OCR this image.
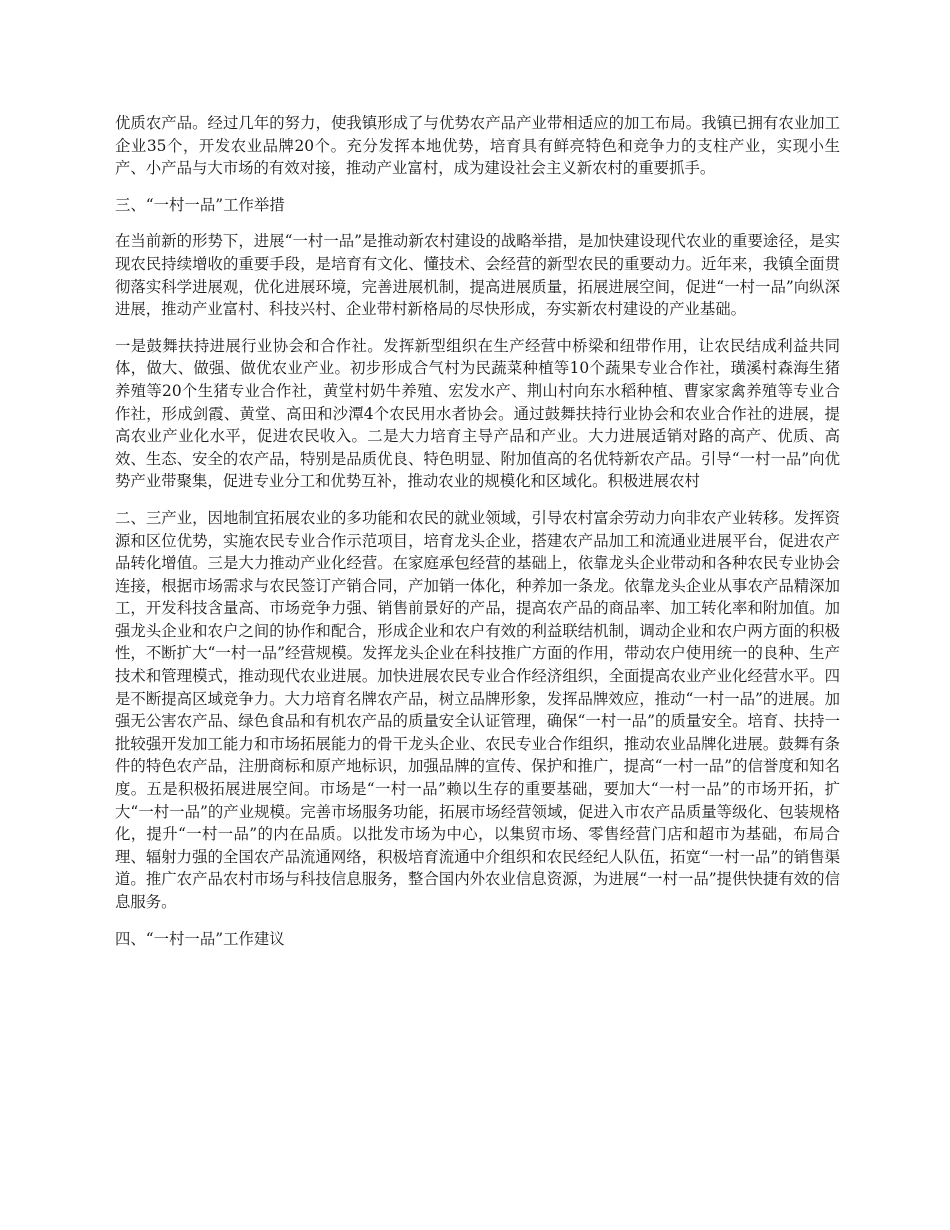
优质农产品。经过几年的努力，使我镇形成了与优势农产品产业带相适应的加工布局。我镇已拥有农业加工企业35个，开发农业品牌20个。充分发挥本地优势，培育具有鲜亮特色和竞争力的支柱产业，实现小生产、小产品与大市场的有效对接，推动产业富村，成为建设社会主义新农村的重要抓手。

三、“一村一品”工作举措

在当前新的形势下，进展“一村一品”是推动新农村建设的战略举措，是加快建设现代农业的重要途径，是实现农民持续增收的重要手段，是培育有文化、懂技术、会经营的新型农民的重要动力。近年来，我镇全面贯彻落实科学进展观，优化进展环境，完善进展机制，提高进展质量，拓展进展空间，促进“一村一品”向纵深进展，推动产业富村、科技兴村、企业带村新格局的尽快形成，夯实新农村建设的产业基础。

一是鼓舞扶持进展行业协会和合作社。发挥新型组织在生产经营中桥梁和纽带作用，让农民结成利益共同体，做大、做强、做优农业产业。初步形成合气村为民蔬菜种植等10个蔬果专业合作社，璜溪村森海生猪养殖等20个生猪专业合作社，黄堂村奶牛养殖、宏发水产、荆山村向东水稻种植、曹家家禽养殖等专业合作社，形成剑霞、黄堂、高田和沙潭4个农民用水者协会。通过鼓舞扶持行业协会和农业合作社的进展，提高农业产业化水平，促进农民收入。二是大力培育主导产品和产业。大力进展适销对路的高产、优质、高效、生态、安全的农产品，特别是品质优良、特色明显、附加值高的名优特新农产品。引导“一村一品”向优势产业带聚集，促进专业分工和优势互补，推动农业的规模化和区域化。积极进展农村

二、三产业，因地制宜拓展农业的多功能和农民的就业领域，引导农村富余劳动力向非农产业转移。发挥资源和区位优势，实施农民专业合作示范项目，培育龙头企业，搭建农产品加工和流通业进展平台，促进农产品转化增值。三是大力推动产业化经营。在家庭承包经营的基础上，依靠龙头企业带动和各种农民专业协会连接，根据市场需求与农民签订产销合同，产加销一体化，种养加一条龙。依靠龙头企业从事农产品精深加工，开发科技含量高、市场竞争力强、销售前景好的产品，提高农产品的商品率、加工转化率和附加值。加强龙头企业和农户之间的协作和配合，形成企业和农户有效的利益联结机制，调动企业和农户两方面的积极性，不断扩大“一村一品”经营规模。发挥龙头企业在科技推广方面的作用，带动农户使用统一的良种、生产技术和管理模式，推动现代农业进展。加快进展农民专业合作经济组织，全面提高农业产业化经营水平。四是不断提高区域竞争力。大力培育名牌农产品，树立品牌形象，发挥品牌效应，推动“一村一品”的进展。加强无公害农产品、绿色食品和有机农产品的质量安全认证管理，确保“一村一品”的质量安全。培育、扶持一批较强开发加工能力和市场拓展能力的骨干龙头企业、农民专业合作组织，推动农业品牌化进展。鼓舞有条件的特色农产品，注册商标和原产地标识，加强品牌的宣传、保护和推广，提高“一村一品”的信誉度和知名度。五是积极拓展进展空间。市场是“一村一品”赖以生存的重要基础，要加大“一村一品”的市场开拓，扩大“一村一品”的产业规模。完善市场服务功能，拓展市场经营领域，促进入市农产品质量等级化、包装规格化，提升“一村一品”的内在品质。以批发市场为中心，以集贸市场、零售经营门店和超市为基础，布局合理、辐射力强的全国农产品流通网络，积极培育流通中介组织和农民经纪人队伍，拓宽“一村一品”的销售渠道。推广农产品农村市场与科技信息服务，整合国内外农业信息资源，为进展“一村一品”提供快捷有效的信息服务。

四、“一村一品”工作建议
